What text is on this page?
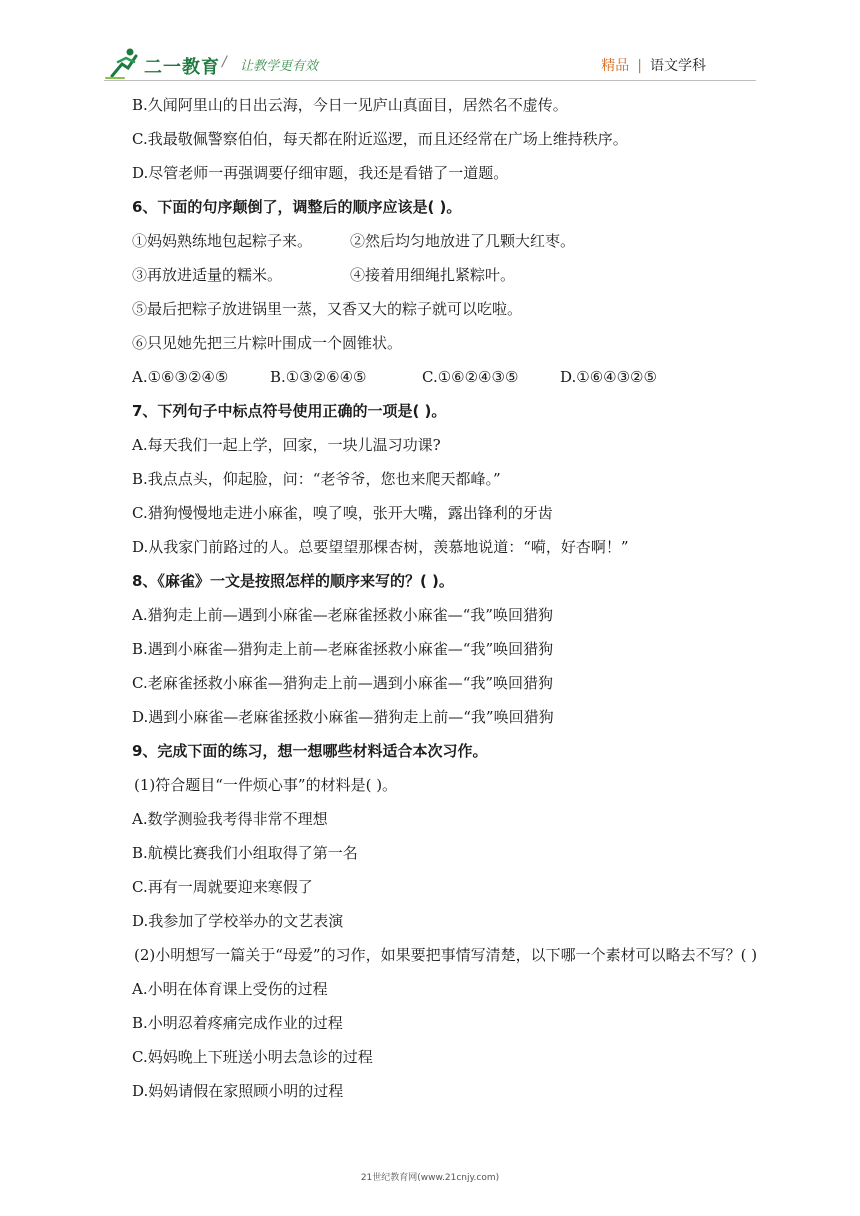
二一教育 / 让教学更有效	精品 | 语文学科
B.久闻阿里山的日出云海，今日一见庐山真面目，居然名不虚传。
C.我最敬佩警察伯伯，每天都在附近巡逻，而且还经常在广场上维持秩序。
D.尽管老师一再强调要仔细审题，我还是看错了一道题。
6、下面的句序颠倒了，调整后的顺序应该是( )。
①妈妈熟练地包起粽子来。	②然后均匀地放进了几颗大红枣。
③再放进适量的糯米。	④接着用细绳扎紧粽叶。
⑤最后把粽子放进锅里一蒸，又香又大的粽子就可以吃啦。
⑥只见她先把三片粽叶围成一个圆锥状。
A.①⑥③②④⑤	B.①③②⑥④⑤	C.①⑥②④③⑤	D.①⑥④③②⑤
7、下列句子中标点符号使用正确的一项是( )。
A.每天我们一起上学，回家，一块儿温习功课?
B.我点点头，仰起脸，问：“老爷爷，您也来爬天都峰。”
C.猎狗慢慢地走进小麻雀，嗅了嗅，张开大嘴，露出锋利的牙齿
D.从我家门前路过的人。总要望望那棵杏树，羡慕地说道：“嗬，好杏啊！”
8、《麻雀》一文是按照怎样的顺序来写的？( )。
A.猎狗走上前—遇到小麻雀—老麻雀拯救小麻雀—“我”唤回猎狗
B.遇到小麻雀—猎狗走上前—老麻雀拯救小麻雀—“我”唤回猎狗
C.老麻雀拯救小麻雀—猎狗走上前—遇到小麻雀—“我”唤回猎狗
D.遇到小麻雀—老麻雀拯救小麻雀—猎狗走上前—“我”唤回猎狗
9、完成下面的练习，想一想哪些材料适合本次习作。
(1)符合题目“一件烦心事”的材料是( )。
A.数学测验我考得非常不理想
B.航模比赛我们小组取得了第一名
C.再有一周就要迎来寒假了
D.我参加了学校举办的文艺表演
(2)小明想写一篇关于“母爱”的习作，如果要把事情写清楚，以下哪一个素材可以略去不写？( )
A.小明在体育课上受伤的过程
B.小明忍着疼痛完成作业的过程
C.妈妈晚上下班送小明去急诊的过程
D.妈妈请假在家照顾小明的过程
21世纪教育网(www.21cnjy.com)
